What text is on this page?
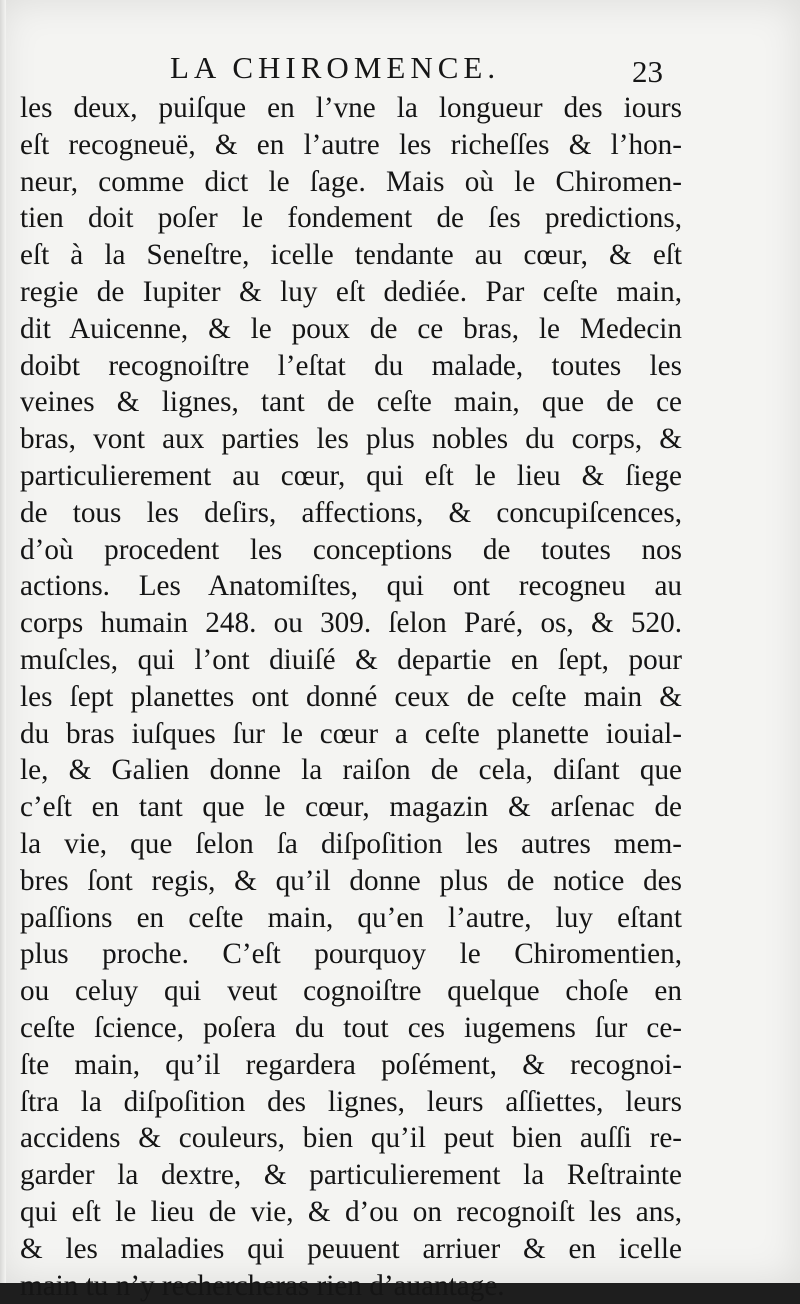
LA CHIROMENCE.	23
les deux, puiſque en l’vne la longueur des iours
eſt recogneuë, & en l’autre les richeſſes & l’hon-
neur, comme dict le ſage. Mais où le Chiromen-
tien doit poſer le fondement de ſes predictions,
eſt à la Seneſtre, icelle tendante au cœur, & eſt
regie de Iupiter & luy eſt dediée. Par ceſte main,
dit Auicenne, & le poux de ce bras, le Medecin
doibt recognoiſtre l’eſtat du malade, toutes les
veines & lignes, tant de ceſte main, que de ce
bras, vont aux parties les plus nobles du corps, &
particulierement au cœur, qui eſt le lieu & ſiege
de tous les deſirs, affections, & concupiſcences,
d’où procedent les conceptions de toutes nos
actions. Les Anatomiſtes, qui ont recogneu au
corps humain 248. ou 309. ſelon Paré, os, & 520.
muſcles, qui l’ont diuiſé & departie en ſept, pour
les ſept planettes ont donné ceux de ceſte main &
du bras iuſques ſur le cœur a ceſte planette iouial-
le, & Galien donne la raiſon de cela, diſant que
c’eſt en tant que le cœur, magazin & arſenac de
la vie, que ſelon ſa diſpoſition les autres mem-
bres ſont regis, & qu’il donne plus de notice des
paſſions en ceſte main, qu’en l’autre, luy eſtant
plus proche. C’eſt pourquoy le Chiromentien,
ou celuy qui veut cognoiſtre quelque choſe en
ceſte ſcience, poſera du tout ces iugemens ſur ce-
ſte main, qu’il regardera poſément, & recognoi-
ſtra la diſpoſition des lignes, leurs aſſiettes, leurs
accidens & couleurs, bien qu’il peut bien auſſi re-
garder la dextre, & particulierement la Reſtrainte
qui eſt le lieu de vie, & d’ou on recognoiſt les ans,
& les maladies qui peuuent arriuer & en icelle
main tu n’y rechercheras rien d’auantage.
